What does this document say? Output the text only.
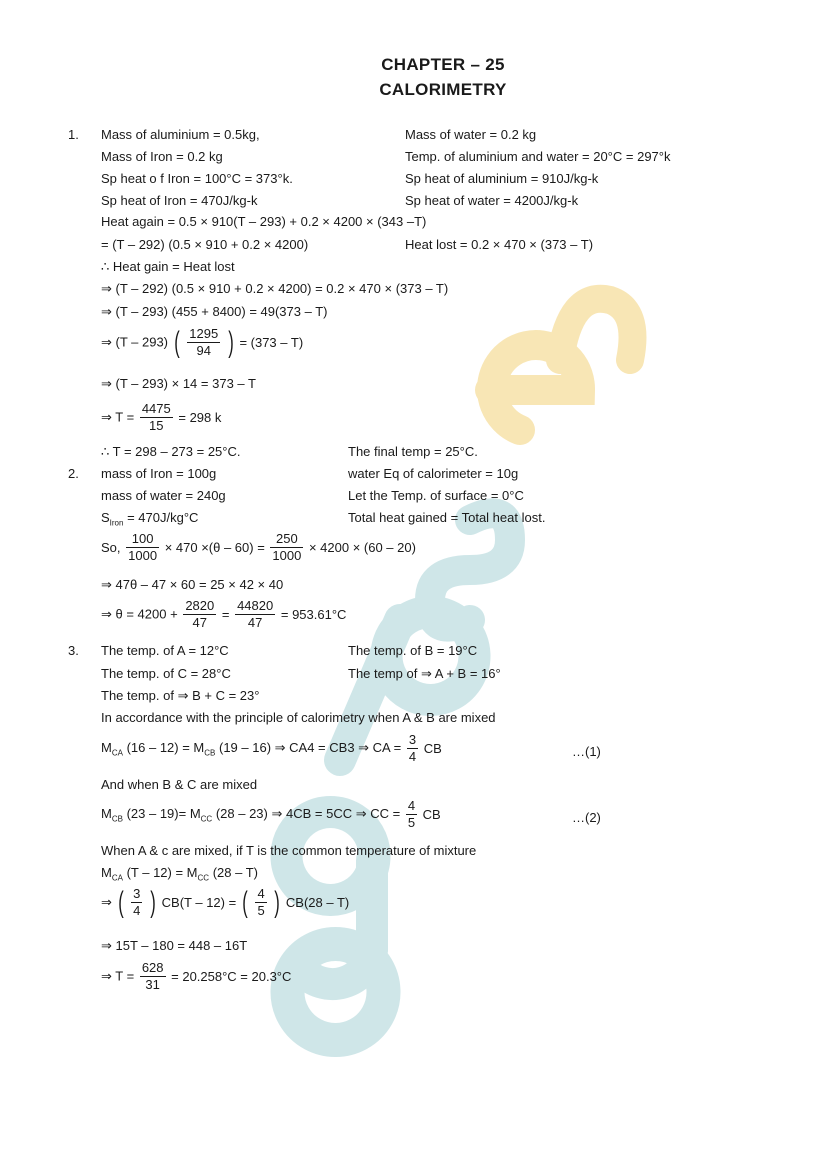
CHAPTER – 25
CALORIMETRY
1. Mass of aluminium = 0.5kg,	Mass of water = 0.2 kg
Mass of Iron = 0.2 kg	Temp. of aluminium and water = 20°C = 297°k
Sp heat o f Iron = 100°C = 373°k.	Sp heat of aluminium = 910J/kg-k
Sp heat of Iron = 470J/kg-k	Sp heat of water = 4200J/kg-k
Heat again = 0.5 × 910(T – 293) + 0.2 × 4200 × (343 –T)
= (T – 292) (0.5 × 910 + 0.2 × 4200)	Heat lost = 0.2 × 470 × (373 – T)
∴ Heat gain = Heat lost
⇒ (T – 292) (0.5 × 910 + 0.2 × 4200) = 0.2 × 470 × (373 – T)
⇒ (T – 293) (455 + 8400) = 49(373 – T)
⇒ (T – 293) ( $\frac{1295}{94}$ ) = (373 – T)
⇒ (T – 293) × 14 = 373 – T
⇒ $T = \frac{4475}{15} = 298$ k
∴ T = 298 – 273 = 25°C.	The final temp = 25°C.
2. mass of Iron = 100g	water Eq of calorimeter = 10g
mass of water = 240g	Let the Temp. of surface = 0°C
$S_{Iron} = 470J/kg^\circ C$	Total heat gained = Total heat lost.
So, $\frac{100}{1000} \times 470 \times(\theta - 60) = \frac{250}{1000} \times 4200 \times (60 - 20)$
⇒ 47θ – 47 × 60 = 25 × 42 × 40
⇒ $\theta = 4200 + \frac{2820}{47} = \frac{44820}{47} = 953.61^\circ C$
3. The temp. of A = 12°C	The temp. of B = 19°C
The temp. of C = 28°C	The temp of ⇒ A + B = 16°
The temp. of ⇒ B + C = 23°
In accordance with the principle of calorimetry when A & B are mixed
$M_{CA}$ $(16 - 12) = M_{CB}$ (19 – 16) ⇒ CA4 = CB3 ⇒ CA = $\frac{3}{4}$ CB	…(1)
And when B & C are mixed
$M_{CB}$ $(23 - 19)= M_{CC}$ (28 – 23) ⇒ 4CB = 5CC ⇒ CC = $\frac{4}{5}$ CB	…(2)
When A & c are mixed, if T is the common temperature of mixture
$M_{CA}$ $(T - 12) = M_{CC}$ (28 – T)
⇒ ( $\frac{3}{4}$ ) CB(T – 12) = ( $\frac{4}{5}$ ) CB(28 – T)
⇒ 15T – 180 = 448 – 16T
⇒ $T = \frac{628}{31} = 20.258^\circ C = 20.3^\circ C$
